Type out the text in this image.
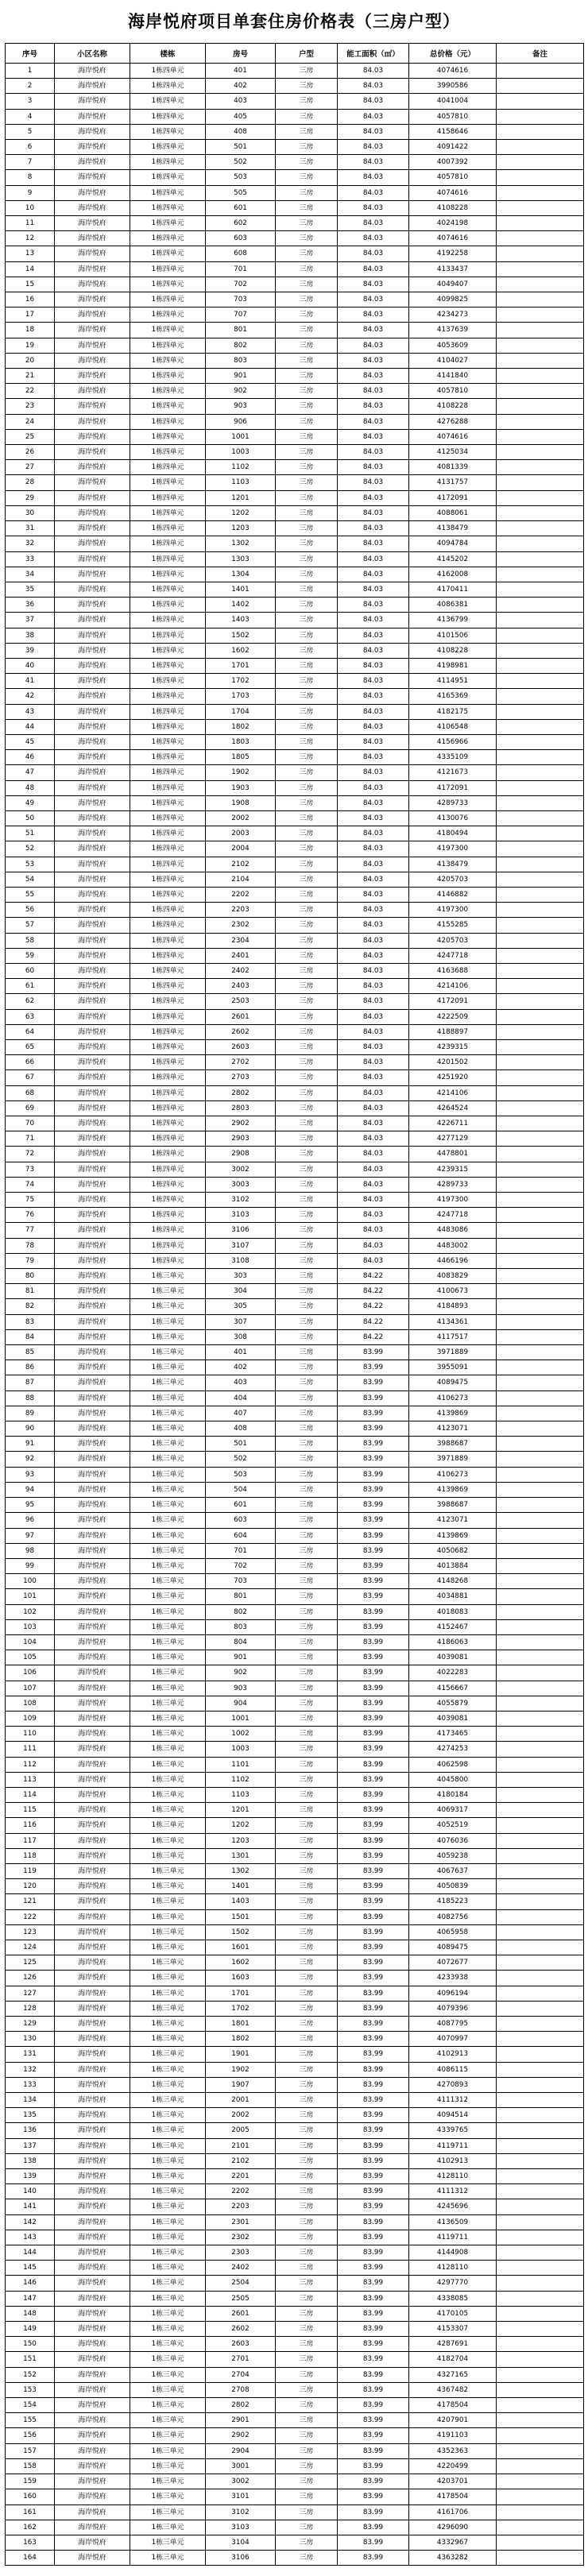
海岸悦府项目单套住房价格表（三房户型）
序号	小区名称	楼栋	房号	户型	能工面积（㎡）	总价格（元）	备注
1	海岸悦府	1栋四单元	401	三房	84.03	4074616	
2	海岸悦府	1栋四单元	402	三房	84.03	3990586	
3	海岸悦府	1栋四单元	403	三房	84.03	4041004	
4	海岸悦府	1栋四单元	405	三房	84.03	4057810	
5	海岸悦府	1栋四单元	408	三房	84.03	4158646	
6	海岸悦府	1栋四单元	501	三房	84.03	4091422	
7	海岸悦府	1栋四单元	502	三房	84.03	4007392	
8	海岸悦府	1栋四单元	503	三房	84.03	4057810	
9	海岸悦府	1栋四单元	505	三房	84.03	4074616	
10	海岸悦府	1栋四单元	601	三房	84.03	4108228	
11	海岸悦府	1栋四单元	602	三房	84.03	4024198	
12	海岸悦府	1栋四单元	603	三房	84.03	4074616	
13	海岸悦府	1栋四单元	608	三房	84.03	4192258	
14	海岸悦府	1栋四单元	701	三房	84.03	4133437	
15	海岸悦府	1栋四单元	702	三房	84.03	4049407	
16	海岸悦府	1栋四单元	703	三房	84.03	4099825	
17	海岸悦府	1栋四单元	707	三房	84.03	4234273	
18	海岸悦府	1栋四单元	801	三房	84.03	4137639	
19	海岸悦府	1栋四单元	802	三房	84.03	4053609	
20	海岸悦府	1栋四单元	803	三房	84.03	4104027	
21	海岸悦府	1栋四单元	901	三房	84.03	4141840	
22	海岸悦府	1栋四单元	902	三房	84.03	4057810	
23	海岸悦府	1栋四单元	903	三房	84.03	4108228	
24	海岸悦府	1栋四单元	906	三房	84.03	4276288	
25	海岸悦府	1栋四单元	1001	三房	84.03	4074616	
26	海岸悦府	1栋四单元	1003	三房	84.03	4125034	
27	海岸悦府	1栋四单元	1102	三房	84.03	4081339	
28	海岸悦府	1栋四单元	1103	三房	84.03	4131757	
29	海岸悦府	1栋四单元	1201	三房	84.03	4172091	
30	海岸悦府	1栋四单元	1202	三房	84.03	4088061	
31	海岸悦府	1栋四单元	1203	三房	84.03	4138479	
32	海岸悦府	1栋四单元	1302	三房	84.03	4094784	
33	海岸悦府	1栋四单元	1303	三房	84.03	4145202	
34	海岸悦府	1栋四单元	1304	三房	84.03	4162008	
35	海岸悦府	1栋四单元	1401	三房	84.03	4170411	
36	海岸悦府	1栋四单元	1402	三房	84.03	4086381	
37	海岸悦府	1栋四单元	1403	三房	84.03	4136799	
38	海岸悦府	1栋四单元	1502	三房	84.03	4101506	
39	海岸悦府	1栋四单元	1602	三房	84.03	4108228	
40	海岸悦府	1栋四单元	1701	三房	84.03	4198981	
41	海岸悦府	1栋四单元	1702	三房	84.03	4114951	
42	海岸悦府	1栋四单元	1703	三房	84.03	4165369	
43	海岸悦府	1栋四单元	1704	三房	84.03	4182175	
44	海岸悦府	1栋四单元	1802	三房	84.03	4106548	
45	海岸悦府	1栋四单元	1803	三房	84.03	4156966	
46	海岸悦府	1栋四单元	1805	三房	84.03	4335109	
47	海岸悦府	1栋四单元	1902	三房	84.03	4121673	
48	海岸悦府	1栋四单元	1903	三房	84.03	4172091	
49	海岸悦府	1栋四单元	1908	三房	84.03	4289733	
50	海岸悦府	1栋四单元	2002	三房	84.03	4130076	
51	海岸悦府	1栋四单元	2003	三房	84.03	4180494	
52	海岸悦府	1栋四单元	2004	三房	84.03	4197300	
53	海岸悦府	1栋四单元	2102	三房	84.03	4138479	
54	海岸悦府	1栋四单元	2104	三房	84.03	4205703	
55	海岸悦府	1栋四单元	2202	三房	84.03	4146882	
56	海岸悦府	1栋四单元	2203	三房	84.03	4197300	
57	海岸悦府	1栋四单元	2302	三房	84.03	4155285	
58	海岸悦府	1栋四单元	2304	三房	84.03	4205703	
59	海岸悦府	1栋四单元	2401	三房	84.03	4247718	
60	海岸悦府	1栋四单元	2402	三房	84.03	4163688	
61	海岸悦府	1栋四单元	2403	三房	84.03	4214106	
62	海岸悦府	1栋四单元	2503	三房	84.03	4172091	
63	海岸悦府	1栋四单元	2601	三房	84.03	4222509	
64	海岸悦府	1栋四单元	2602	三房	84.03	4188897	
65	海岸悦府	1栋四单元	2603	三房	84.03	4239315	
66	海岸悦府	1栋四单元	2702	三房	84.03	4201502	
67	海岸悦府	1栋四单元	2703	三房	84.03	4251920	
68	海岸悦府	1栋四单元	2802	三房	84.03	4214106	
69	海岸悦府	1栋四单元	2803	三房	84.03	4264524	
70	海岸悦府	1栋四单元	2902	三房	84.03	4226711	
71	海岸悦府	1栋四单元	2903	三房	84.03	4277129	
72	海岸悦府	1栋四单元	2908	三房	84.03	4478801	
73	海岸悦府	1栋四单元	3002	三房	84.03	4239315	
74	海岸悦府	1栋四单元	3003	三房	84.03	4289733	
75	海岸悦府	1栋四单元	3102	三房	84.03	4197300	
76	海岸悦府	1栋四单元	3103	三房	84.03	4247718	
77	海岸悦府	1栋四单元	3106	三房	84.03	4483086	
78	海岸悦府	1栋四单元	3107	三房	84.03	4483002	
79	海岸悦府	1栋四单元	3108	三房	84.03	4466196	
80	海岸悦府	1栋三单元	303	三房	84.22	4083829	
81	海岸悦府	1栋三单元	304	三房	84.22	4100673	
82	海岸悦府	1栋三单元	305	三房	84.22	4184893	
83	海岸悦府	1栋三单元	307	三房	84.22	4134361	
84	海岸悦府	1栋三单元	308	三房	84.22	4117517	
85	海岸悦府	1栋三单元	401	三房	83.99	3971889	
86	海岸悦府	1栋三单元	402	三房	83.99	3955091	
87	海岸悦府	1栋三单元	403	三房	83.99	4089475	
88	海岸悦府	1栋三单元	404	三房	83.99	4106273	
89	海岸悦府	1栋三单元	407	三房	83.99	4139869	
90	海岸悦府	1栋三单元	408	三房	83.99	4123071	
91	海岸悦府	1栋三单元	501	三房	83.99	3988687	
92	海岸悦府	1栋三单元	502	三房	83.99	3971889	
93	海岸悦府	1栋三单元	503	三房	83.99	4106273	
94	海岸悦府	1栋三单元	504	三房	83.99	4139869	
95	海岸悦府	1栋三单元	601	三房	83.99	3988687	
96	海岸悦府	1栋三单元	603	三房	83.99	4123071	
97	海岸悦府	1栋三单元	604	三房	83.99	4139869	
98	海岸悦府	1栋三单元	701	三房	83.99	4050682	
99	海岸悦府	1栋三单元	702	三房	83.99	4013884	
100	海岸悦府	1栋三单元	703	三房	83.99	4148268	
101	海岸悦府	1栋三单元	801	三房	83.99	4034881	
102	海岸悦府	1栋三单元	802	三房	83.99	4018083	
103	海岸悦府	1栋三单元	803	三房	83.99	4152467	
104	海岸悦府	1栋三单元	804	三房	83.99	4186063	
105	海岸悦府	1栋三单元	901	三房	83.99	4039081	
106	海岸悦府	1栋三单元	902	三房	83.99	4022283	
107	海岸悦府	1栋三单元	903	三房	83.99	4156667	
108	海岸悦府	1栋三单元	904	三房	83.99	4055879	
109	海岸悦府	1栋三单元	1001	三房	83.99	4039081	
110	海岸悦府	1栋三单元	1002	三房	83.99	4173465	
111	海岸悦府	1栋三单元	1003	三房	83.99	4274253	
112	海岸悦府	1栋三单元	1101	三房	83.99	4062598	
113	海岸悦府	1栋三单元	1102	三房	83.99	4045800	
114	海岸悦府	1栋三单元	1103	三房	83.99	4180184	
115	海岸悦府	1栋三单元	1201	三房	83.99	4069317	
116	海岸悦府	1栋三单元	1202	三房	83.99	4052519	
117	海岸悦府	1栋三单元	1203	三房	83.99	4076036	
118	海岸悦府	1栋三单元	1301	三房	83.99	4059238	
119	海岸悦府	1栋三单元	1302	三房	83.99	4067637	
120	海岸悦府	1栋三单元	1401	三房	83.99	4050839	
121	海岸悦府	1栋三单元	1403	三房	83.99	4185223	
122	海岸悦府	1栋三单元	1501	三房	83.99	4082756	
123	海岸悦府	1栋三单元	1502	三房	83.99	4065958	
124	海岸悦府	1栋三单元	1601	三房	83.99	4089475	
125	海岸悦府	1栋三单元	1602	三房	83.99	4072677	
126	海岸悦府	1栋三单元	1603	三房	83.99	4233938	
127	海岸悦府	1栋三单元	1701	三房	83.99	4096194	
128	海岸悦府	1栋三单元	1702	三房	83.99	4079396	
129	海岸悦府	1栋三单元	1801	三房	83.99	4087795	
130	海岸悦府	1栋三单元	1802	三房	83.99	4070997	
131	海岸悦府	1栋三单元	1901	三房	83.99	4102913	
132	海岸悦府	1栋三单元	1902	三房	83.99	4086115	
133	海岸悦府	1栋三单元	1907	三房	83.99	4270893	
134	海岸悦府	1栋三单元	2001	三房	83.99	4111312	
135	海岸悦府	1栋三单元	2002	三房	83.99	4094514	
136	海岸悦府	1栋三单元	2005	三房	83.99	4339765	
137	海岸悦府	1栋三单元	2101	三房	83.99	4119711	
138	海岸悦府	1栋三单元	2102	三房	83.99	4102913	
139	海岸悦府	1栋三单元	2201	三房	83.99	4128110	
140	海岸悦府	1栋三单元	2202	三房	83.99	4111312	
141	海岸悦府	1栋三单元	2203	三房	83.99	4245696	
142	海岸悦府	1栋三单元	2301	三房	83.99	4136509	
143	海岸悦府	1栋三单元	2302	三房	83.99	4119711	
144	海岸悦府	1栋三单元	2303	三房	83.99	4144908	
145	海岸悦府	1栋三单元	2402	三房	83.99	4128110	
146	海岸悦府	1栋三单元	2504	三房	83.99	4297770	
147	海岸悦府	1栋三单元	2505	三房	83.99	4338085	
148	海岸悦府	1栋三单元	2601	三房	83.99	4170105	
149	海岸悦府	1栋三单元	2602	三房	83.99	4153307	
150	海岸悦府	1栋三单元	2603	三房	83.99	4287691	
151	海岸悦府	1栋三单元	2701	三房	83.99	4182704	
152	海岸悦府	1栋三单元	2704	三房	83.99	4327165	
153	海岸悦府	1栋三单元	2708	三房	83.99	4367482	
154	海岸悦府	1栋三单元	2802	三房	83.99	4178504	
155	海岸悦府	1栋三单元	2901	三房	83.99	4207901	
156	海岸悦府	1栋三单元	2902	三房	83.99	4191103	
157	海岸悦府	1栋三单元	2904	三房	83.99	4352363	
158	海岸悦府	1栋三单元	3001	三房	83.99	4220499	
159	海岸悦府	1栋三单元	3002	三房	83.99	4203701	
160	海岸悦府	1栋三单元	3101	三房	83.99	4178504	
161	海岸悦府	1栋三单元	3102	三房	83.99	4161706	
162	海岸悦府	1栋三单元	3103	三房	83.99	4296090	
163	海岸悦府	1栋三单元	3104	三房	83.99	4332967	
164	海岸悦府	1栋三单元	3106	三房	83.99	4363282	
